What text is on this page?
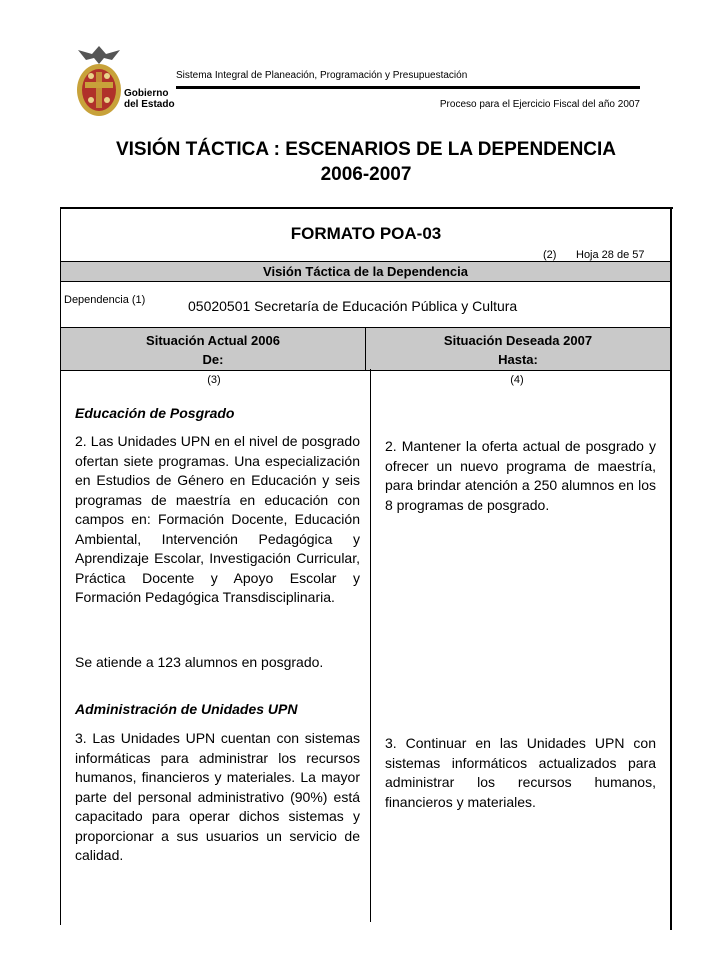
Gobierno
del Estado
Sistema Integral de Planeación, Programación y Presupuestación
Proceso para el Ejercicio Fiscal del año 2007
VISIÓN TÁCTICA : ESCENARIOS DE LA DEPENDENCIA
2006-2007
FORMATO POA-03
(2) Hoja 28 de 57
Visión Táctica de la Dependencia
Dependencia (1)	05020501 Secretaría de Educación Pública y Cultura
Situación Actual 2006
De:
Situación Deseada 2007
Hasta:
(3)	(4)
Educación de Posgrado
2. Las Unidades UPN en el nivel de posgrado ofertan siete programas. Una especialización en Estudios de Género en Educación y seis programas de maestría en educación con campos en: Formación Docente, Educación Ambiental, Intervención Pedagógica y Aprendizaje Escolar, Investigación Curricular, Práctica Docente y Apoyo Escolar y Formación Pedagógica Transdisciplinaria.
Se atiende a 123 alumnos en posgrado.
Administración de Unidades UPN
3. Las Unidades UPN cuentan con sistemas informáticas para administrar los recursos humanos, financieros y materiales. La mayor parte del personal administrativo (90%) está capacitado para operar dichos sistemas y proporcionar a sus usuarios un servicio de calidad.
2. Mantener la oferta actual de posgrado y ofrecer un nuevo programa de maestría, para brindar atención a 250 alumnos en los 8 programas de posgrado.
3. Continuar en las Unidades UPN con sistemas informáticos actualizados para administrar los recursos humanos, financieros y materiales.
